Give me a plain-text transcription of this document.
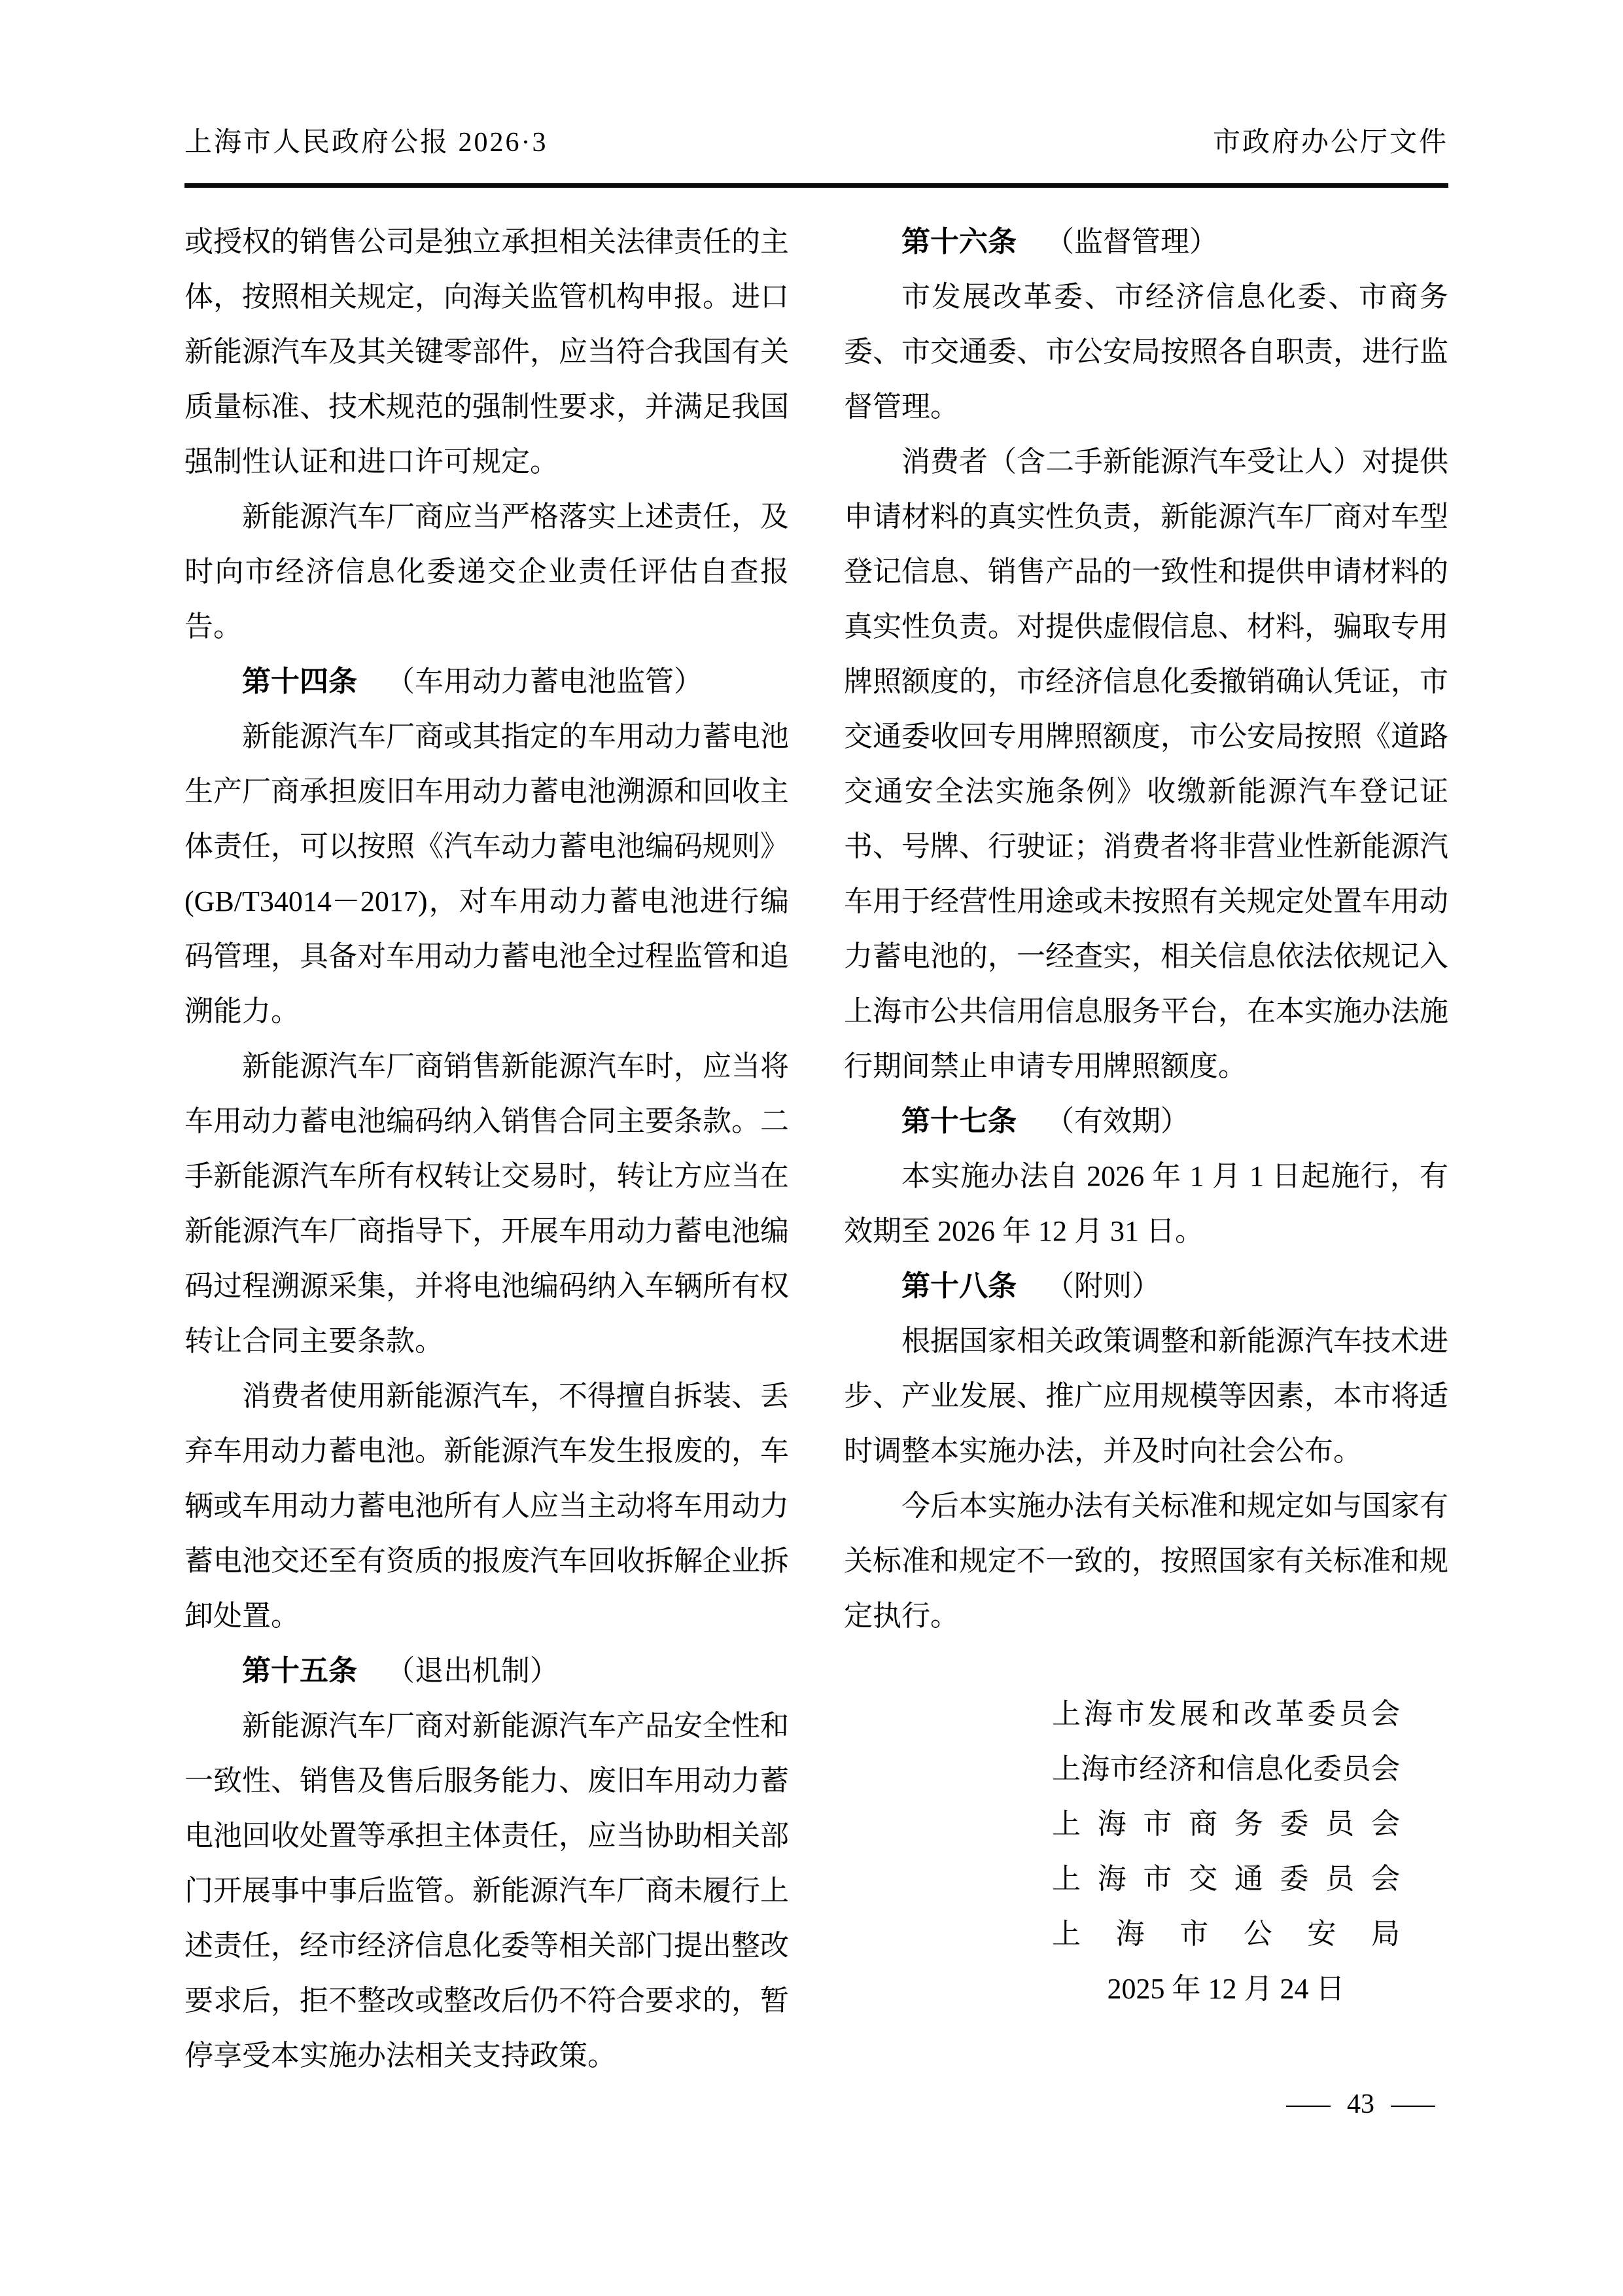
上海市人民政府公报 2026·3	市政府办公厅文件

或授权的销售公司是独立承担相关法律责任的主体，按照相关规定，向海关监管机构申报。进口新能源汽车及其关键零部件，应当符合我国有关质量标准、技术规范的强制性要求，并满足我国强制性认证和进口许可规定。

新能源汽车厂商应当严格落实上述责任，及时向市经济信息化委递交企业责任评估自查报告。

第十四条 （车用动力蓄电池监管）

新能源汽车厂商或其指定的车用动力蓄电池生产厂商承担废旧车用动力蓄电池溯源和回收主体责任，可以按照《汽车动力蓄电池编码规则》(GB/T34014－2017)，对车用动力蓄电池进行编码管理，具备对车用动力蓄电池全过程监管和追溯能力。

新能源汽车厂商销售新能源汽车时，应当将车用动力蓄电池编码纳入销售合同主要条款。二手新能源汽车所有权转让交易时，转让方应当在新能源汽车厂商指导下，开展车用动力蓄电池编码过程溯源采集，并将电池编码纳入车辆所有权转让合同主要条款。

消费者使用新能源汽车，不得擅自拆装、丢弃车用动力蓄电池。新能源汽车发生报废的，车辆或车用动力蓄电池所有人应当主动将车用动力蓄电池交还至有资质的报废汽车回收拆解企业拆卸处置。

第十五条 （退出机制）

新能源汽车厂商对新能源汽车产品安全性和一致性、销售及售后服务能力、废旧车用动力蓄电池回收处置等承担主体责任，应当协助相关部门开展事中事后监管。新能源汽车厂商未履行上述责任，经市经济信息化委等相关部门提出整改要求后，拒不整改或整改后仍不符合要求的，暂停享受本实施办法相关支持政策。

第十六条 （监督管理）

市发展改革委、市经济信息化委、市商务委、市交通委、市公安局按照各自职责，进行监督管理。

消费者（含二手新能源汽车受让人）对提供申请材料的真实性负责，新能源汽车厂商对车型登记信息、销售产品的一致性和提供申请材料的真实性负责。对提供虚假信息、材料，骗取专用牌照额度的，市经济信息化委撤销确认凭证，市交通委收回专用牌照额度，市公安局按照《道路交通安全法实施条例》收缴新能源汽车登记证书、号牌、行驶证；消费者将非营业性新能源汽车用于经营性用途或未按照有关规定处置车用动力蓄电池的，一经查实，相关信息依法依规记入上海市公共信用信息服务平台，在本实施办法施行期间禁止申请专用牌照额度。

第十七条 （有效期）

本实施办法自 2026 年 1 月 1 日起施行，有效期至 2026 年 12 月 31 日。

第十八条 （附则）

根据国家相关政策调整和新能源汽车技术进步、产业发展、推广应用规模等因素，本市将适时调整本实施办法，并及时向社会公布。

今后本实施办法有关标准和规定如与国家有关标准和规定不一致的，按照国家有关标准和规定执行。

上海市发展和改革委员会
上海市经济和信息化委员会
上海市商务委员会
上海市交通委员会
上海市公安局
2025 年 12 月 24 日
— 43 —
